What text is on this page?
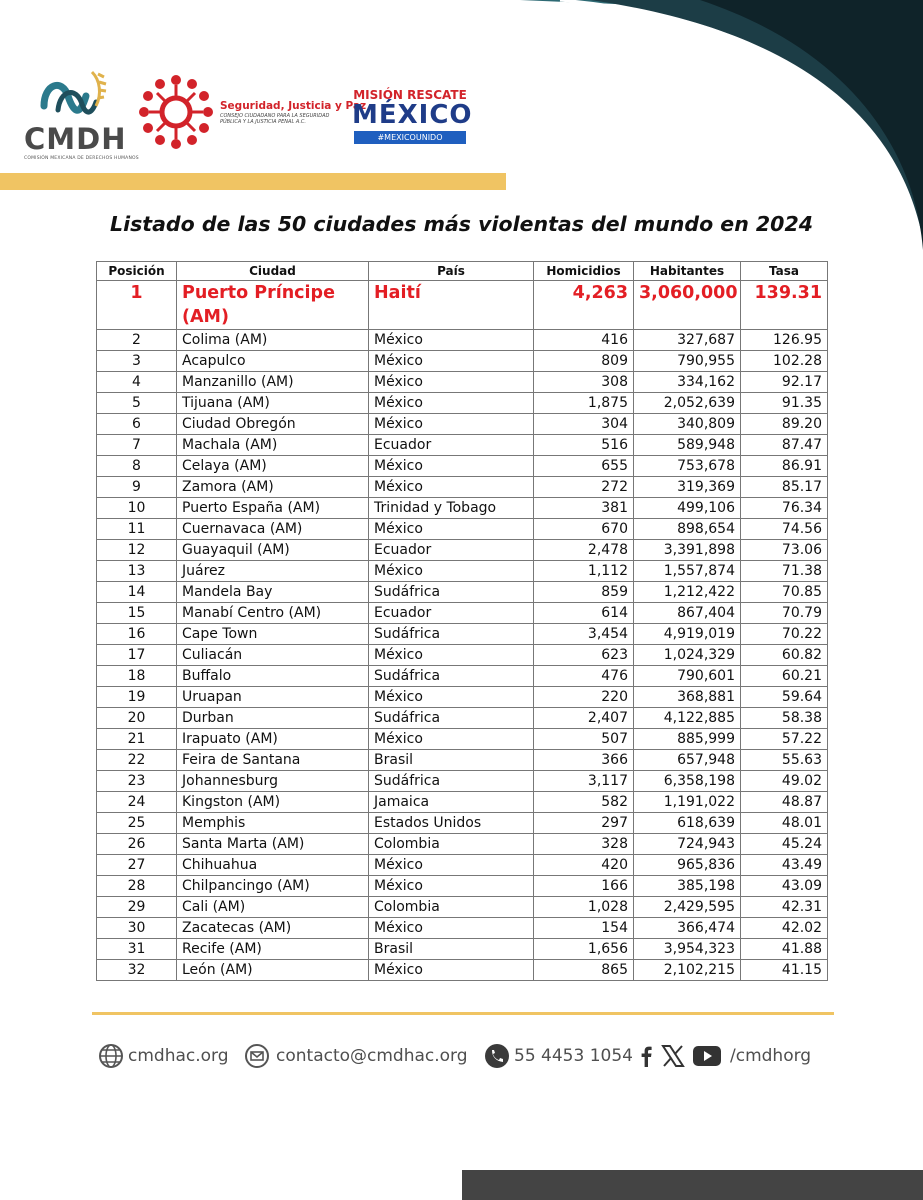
CMDH
COMISIÓN MEXICANA DE DERECHOS HUMANOS
Seguridad, Justicia y Paz
CONSEJO CIUDADANO PARA LA SEGURIDAD PÚBLICA Y LA JUSTICIA PENAL A.C.
MISIÓN RESCATE
MÉXICO
#MEXICOUNIDO
Listado de las 50 ciudades más violentas del mundo en 2024
Posición	Ciudad	País	Homicidios	Habitantes	Tasa
1	Puerto Príncipe (AM)	Haití	4,263	3,060,000	139.31
2	Colima (AM)	México	416	327,687	126.95
3	Acapulco	México	809	790,955	102.28
4	Manzanillo (AM)	México	308	334,162	92.17
5	Tijuana (AM)	México	1,875	2,052,639	91.35
6	Ciudad Obregón	México	304	340,809	89.20
7	Machala (AM)	Ecuador	516	589,948	87.47
8	Celaya (AM)	México	655	753,678	86.91
9	Zamora (AM)	México	272	319,369	85.17
10	Puerto España (AM)	Trinidad y Tobago	381	499,106	76.34
11	Cuernavaca (AM)	México	670	898,654	74.56
12	Guayaquil (AM)	Ecuador	2,478	3,391,898	73.06
13	Juárez	México	1,112	1,557,874	71.38
14	Mandela Bay	Sudáfrica	859	1,212,422	70.85
15	Manabí Centro (AM)	Ecuador	614	867,404	70.79
16	Cape Town	Sudáfrica	3,454	4,919,019	70.22
17	Culiacán	México	623	1,024,329	60.82
18	Buffalo	Sudáfrica	476	790,601	60.21
19	Uruapan	México	220	368,881	59.64
20	Durban	Sudáfrica	2,407	4,122,885	58.38
21	Irapuato (AM)	México	507	885,999	57.22
22	Feira de Santana	Brasil	366	657,948	55.63
23	Johannesburg	Sudáfrica	3,117	6,358,198	49.02
24	Kingston (AM)	Jamaica	582	1,191,022	48.87
25	Memphis	Estados Unidos	297	618,639	48.01
26	Santa Marta (AM)	Colombia	328	724,943	45.24
27	Chihuahua	México	420	965,836	43.49
28	Chilpancingo (AM)	México	166	385,198	43.09
29	Cali (AM)	Colombia	1,028	2,429,595	42.31
30	Zacatecas (AM)	México	154	366,474	42.02
31	Recife (AM)	Brasil	1,656	3,954,323	41.88
32	León (AM)	México	865	2,102,215	41.15
cmdhac.org	contacto@cmdhac.org	55 4453 1054	/cmdhorg
